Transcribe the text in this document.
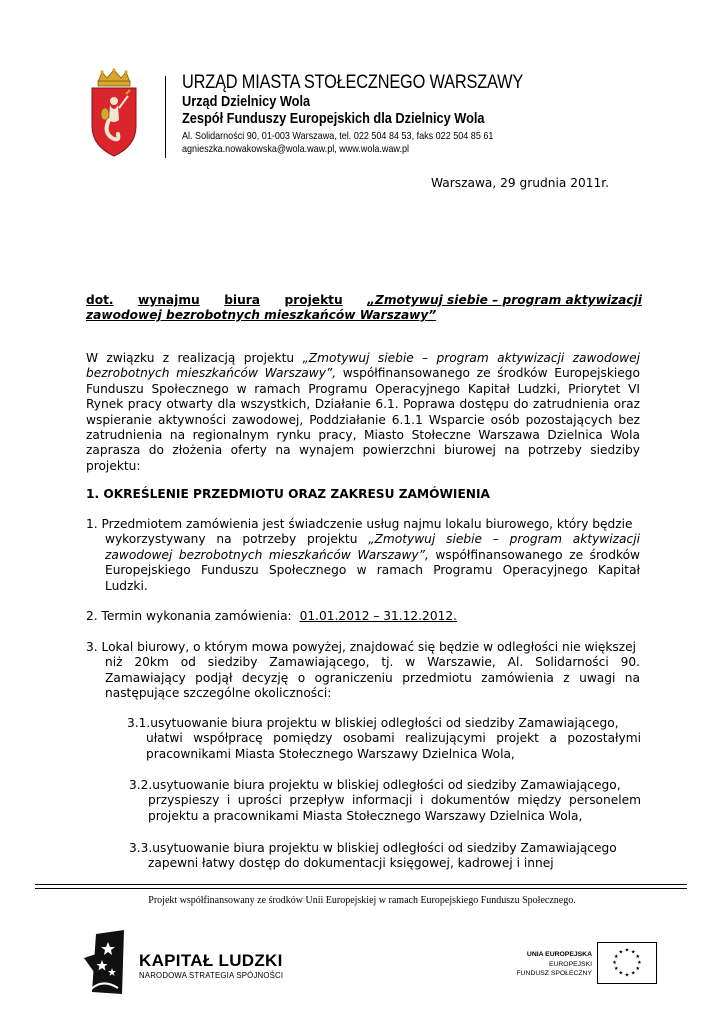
URZĄD MIASTA STOŁECZNEGO WARSZAWY
Urząd Dzielnicy Wola
Zespół Funduszy Europejskich dla Dzielnicy Wola
Al. Solidarności 90, 01-003 Warszawa, tel. 022 504 84 53, faks 022 504 85 61
agnieszka.nowakowska@wola.waw.pl, www.wola.waw.pl
Warszawa, 29 grudnia 2011r.
dot. wynajmu biura projektu „Zmotywuj siebie – program aktywizacji
zawodowej bezrobotnych mieszkańców Warszawy”

W związku z realizacją projektu „Zmotywuj siebie – program aktywizacji zawodowej bezrobotnych mieszkańców Warszawy”, współfinansowanego ze środków Europejskiego Funduszu Społecznego w ramach Programu Operacyjnego Kapitał Ludzki, Priorytet VI Rynek pracy otwarty dla wszystkich, Działanie 6.1. Poprawa dostępu do zatrudnienia oraz wspieranie aktywności zawodowej, Poddziałanie 6.1.1 Wsparcie osób pozostających bez zatrudnienia na regionalnym rynku pracy, Miasto Stołeczne Warszawa Dzielnica Wola zaprasza do złożenia oferty na wynajem powierzchni biurowej na potrzeby siedziby projektu:

1. OKREŚLENIE PRZEDMIOTU ORAZ ZAKRESU ZAMÓWIENIA
1. Przedmiotem zamówienia jest świadczenie usług najmu lokalu biurowego, który będzie
wykorzystywany na potrzeby projektu „Zmotywuj siebie – program aktywizacji zawodowej bezrobotnych mieszkańców Warszawy”, współfinansowanego ze środków Europejskiego Funduszu Społecznego w ramach Programu Operacyjnego Kapitał Ludzki.
2. Termin wykonania zamówienia: 01.01.2012 – 31.12.2012.
3. Lokal biurowy, o którym mowa powyżej, znajdować się będzie w odległości nie większej
niż 20km od siedziby Zamawiającego, tj. w Warszawie, Al. Solidarności 90. Zamawiający podjął decyzję o ograniczeniu przedmiotu zamówienia z uwagi na następujące szczególne okoliczności:
3.1.usytuowanie biura projektu w bliskiej odległości od siedziby Zamawiającego,
ułatwi współpracę pomiędzy osobami realizującymi projekt a pozostałymi pracownikami Miasta Stołecznego Warszawy Dzielnica Wola,
3.2.usytuowanie biura projektu w bliskiej odległości od siedziby Zamawiającego,
przyspieszy i uprości przepływ informacji i dokumentów między personelem projektu a pracownikami Miasta Stołecznego Warszawy Dzielnica Wola,
3.3.usytuowanie biura projektu w bliskiej odległości od siedziby Zamawiającego
zapewni łatwy dostęp do dokumentacji księgowej, kadrowej i innej
Projekt współfinansowany ze środków Unii Europejskiej w ramach Europejskiego Funduszu Społecznego.
KAPITAŁ LUDZKI
NARODOWA STRATEGIA SPÓJNOŚCI
UNIA EUROPEJSKA
EUROPEJSKI
FUNDUSZ SPOŁECZNY
★ ★
★
★
★
★
★
★
★
★
★
★
